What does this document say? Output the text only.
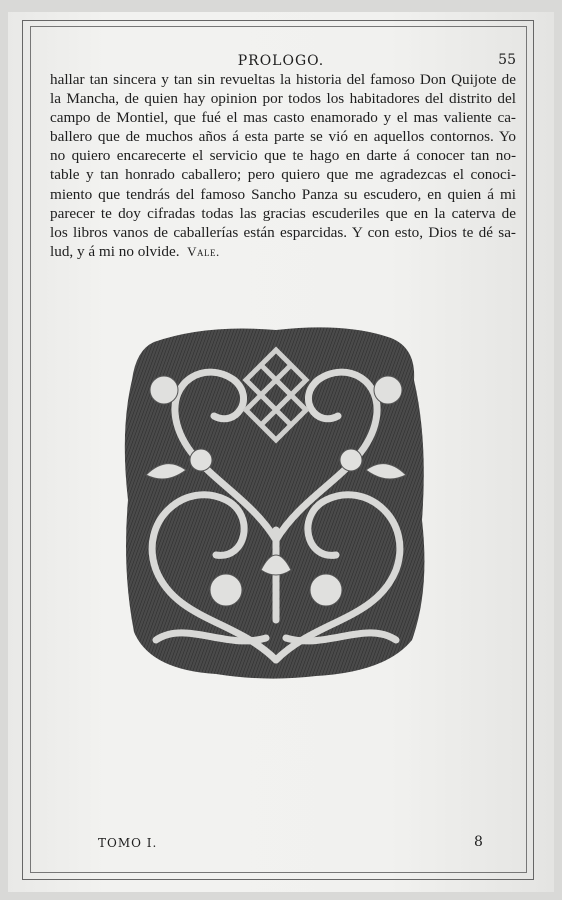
PROLOGO.	55
hallar tan sincera y tan sin revueltas la historia del famoso Don Quijote de
la Mancha, de quien hay opinion por todos los habitadores del distrito del
campo de Montiel, que fué el mas casto enamorado y el mas valiente ca-
ballero que de muchos años á esta parte se vió en aquellos contornos. Yo
no quiero encarecerte el servicio que te hago en darte á conocer tan no-
table y tan honrado caballero; pero quiero que me agradezcas el conoci-
miento que tendrás del famoso Sancho Panza su escudero, en quien á mi
parecer te doy cifradas todas las gracias escuderiles que en la caterva de
los libros vanos de caballerías están esparcidas. Y con esto, Dios te dé sa-
lud, y á mi no olvide. Vale.
TOMO I.	8
